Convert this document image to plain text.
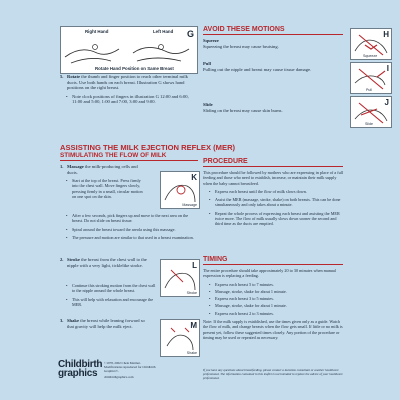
Right Hand	Left Hand G
Rotate Hand Position on Same Breast
5. Rotate the thumb and finger position to reach other terminal milk ducts. Use both hands on each breast. Illustration G shows hand positions on the right breast.
• Note clock positions of fingers in illustration G 12:00 and 6:00, 11:00 and 5:00, 1:00 and 7:00, 3:00 and 9:00.
AVOID THESE MOTIONS
Squeeze
Squeezing the breast may cause bruising.
Pull
Pulling out the nipple and breast may cause tissue damage.
Slide
Sliding on the breast may cause skin burns.
H
Squeeze
I
Pull
J
Slide
ASSISTING THE MILK EJECTION REFLEX (MER)
STIMULATING THE FLOW OF MILK
1. Massage the milk-producing cells and ducts.
• Start at the top of the breast. Press firmly into the chest wall. Move fingers slowly, pressing firmly in a small, circular motion on one spot on the skin.
• After a few seconds, pick fingers up and move to the next area on the breast. Do not slide on breast tissue.
• Spiral around the breast toward the areola using this massage.
• The pressure and motion are similar to that used in a breast examination.
K
Massage
2. Stroke the breast from the chest wall to the nipple with a very light, ticklelike stroke.
• Continue this stroking motion from the chest wall to the nipple around the whole breast.
• This will help with relaxation and encourage the MER.
L
Stroke
3. Shake the breast while leaning forward so that gravity will help the milk eject.	M
Shake
Childbirth
graphics
©1978, 2002 Chele Marmet. Modifications reproduced for Childbirth Graphics®.
childbirthgraphics.com
PROCEDURE
This procedure should be followed by mothers who are expressing in place of a full feeding and those who need to establish, increase, or maintain their milk supply when the baby cannot breastfeed.
• Express each breast until the flow of milk slows down.
• Assist the MER (massage, stroke, shake) on both breasts. This can be done simultaneously and only takes about a minute.
• Repeat the whole process of expressing each breast and assisting the MER twice more. The flow of milk usually slows down sooner the second and third time as the ducts are emptied.
TIMING
The entire procedure should take approximately 20 to 30 minutes when manual expression is replacing a feeding.
• Express each breast 5 to 7 minutes.
• Massage, stroke, shake for about 1 minute.
• Express each breast 3 to 5 minutes.
• Massage, stroke, shake for about 1 minute.
• Express each breast 2 to 3 minutes.
Note: If the milk supply is established, use the times given only as a guide. Watch the flow of milk, and change breasts when the flow gets small. If little or no milk is present yet, follow these suggested times closely. Any portion of the procedure or timing may be used or repeated as necessary.
If you have any questions about breastfeeding, please contact a lactation consultant or another healthcare professional. The information contained in this leaflet is not intended to replace the advice of your healthcare professional.
